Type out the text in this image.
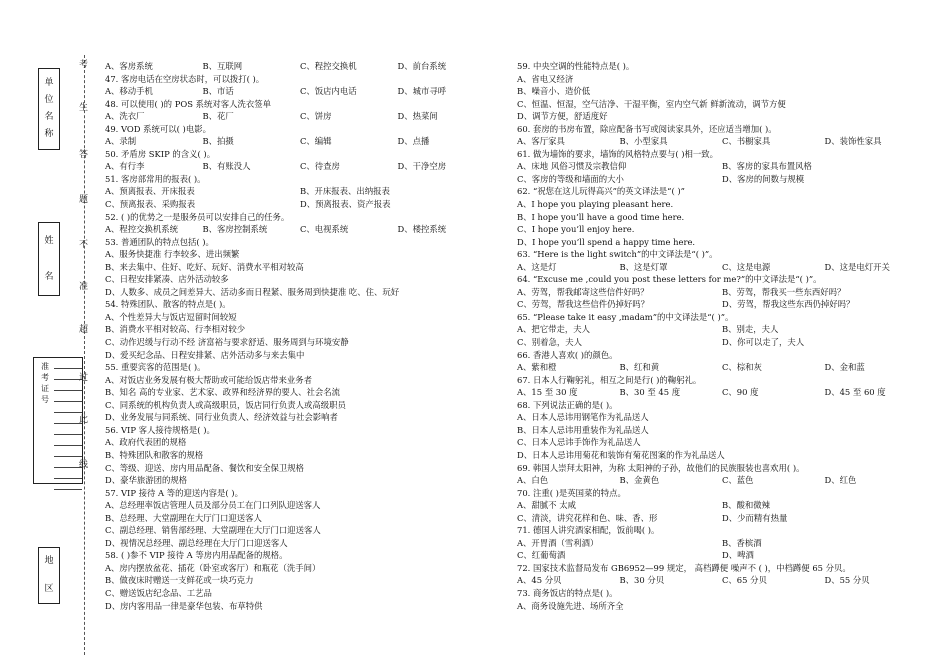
单
位
名
称
姓
名
准考证号
地
区
考
生
答
题
不
准
超
过
此
线
A、客房系统	B、互联网	C、程控交换机	D、前台系统
47. 客房电话在空房状态时，可以拨打( )。
A、移动手机	B、市话	C、饭店内电话	D、城市寻呼
48. 可以使用( )的 POS 系统对客人洗衣签单
A、洗衣厂	B、花厂	C、饼房	D、热菜间
49. VOD 系统可以( )电影。
A、录制	B、拍摄	C、编辑	D、点播
50. 矛盾房 SKIP 的含义( )。
A、有行李	B、有账没人	C、待查房	D、干净空房
51. 客房部常用的报表( )。
A、预离报表、开床报表	B、开床报表、出纳报表
C、预离报表、采购报表	D、预离报表、资产报表
52. ( )的优势之一是服务员可以安排自己的任务。
A、程控交换机系统	B、客房控制系统	C、电视系统	D、楼控系统
53. 普通团队的特点包括( )。
A、服务快捷准 行李较多、进出频繁
B、来去集中、住好、吃好、玩好、消费水平相对较高
C、日程安排紧凑、店外活动较多
D、人数多、成员之间差异大、活动多而日程紧、服务周到快捷准 吃、住、玩好
54. 特殊团队、散客的特点是( )。
A、个性差异大与饭店逗留时间较短
B、消费水平相对较高、行李相对较少
C、动作迟缓与行动不经 济富裕与要求舒适、服务周到与环境安静
D、爱买纪念品、日程安排紧、店外活动多与来去集中
55. 重要宾客的范围是( )。
A、对饭店业务发展有极大帮助或可能给饭店带来业务者
B、知名 高的专业家、艺术家、政界和经济界的要人、社会名流
C、同系统的机构负责人或高级职员，饭店同行负责人或高级职员
D、业务发展与同系统、同行业负责人、经济效益与社会影响者
56. VIP 客人接待规格是( )。
A、政府代表团的规格
B、特殊团队和散客的规格
C、等级、迎送、房内用品配备、餐饮和安全保卫规格
D、豪华旅游团的规格
57. VIP 接待 A 等的迎送内容是( )。
A、总经理率饭店管理人员及部分员工在门口列队迎送客人
B、总经理、大堂副理在大厅门口迎送客人
C、副总经理、销售部经理、大堂副理在大厅门口迎送客人
D、视情况总经理、副总经理在大厅门口迎送客人
58. ( )参不 VIP 接待 A 等房内用品配备的规格。
A、房内摆放盆花、插花（卧室或客厅）和瓶花（洗手间）
B、做夜床时赠送一支鲜花或一块巧克力
C、赠送饭店纪念品、工艺品
D、房内客用品一律是豪华包装、布草特供
59. 中央空调的性能特点是( )。
A、省电又经济
B、噪音小、造价低
C、恒温、恒湿，空气洁净、干湿平衡，室内空气新 鲜新流动，调节方便
D、调节方便，舒适度好
60. 套房的书房布置，除应配备书写或阅读家具外，还应适当增加( )。
A、客厅家具	B、小型家具	C、书橱家具	D、装饰性家具
61. 做为墙饰的要求，墙饰的风格特点要与( )相一致。
A、床地 风俗习惯及宗教信仰	B、客房的家具布置风格
C、客房的等级和墙面的大小	D、客房的间数与规模
62. “祝您在这儿玩得高兴”的英文译法是“( )”
A、I hope you playing pleasant here.
B、I hope you’ll have a good time here.
C、I hope you’ll enjoy here.
D、I hope you’ll spend a happy time here.
63. “Here is the light switch”的中文译法是“( )”。
A、这是灯	B、这是灯罩	C、这是电源	D、这是电灯开关
64. “Excuse me ,could you post these letters for me?”的中文译法是“( )”。
A、劳驾，帮我邮寄这些信件好吗？	B、劳驾，帮我买一些东西好吗？
C、劳驾，帮我这些信件仍掉好吗？	D、劳驾，帮我这些东西仍掉好吗？
65. “Please take it easy ,madam”的中文译法是“( )”。
A、把它带走，夫人	B、别走，夫人
C、别着急，夫人	D、你可以走了，夫人
66. 香港人喜欢( )的颜色。
A、紫和橙	B、红和黄	C、棕和灰	D、金和蓝
67. 日本人行鞠躬礼，相互之间是行( )的鞠躬礼。
A、15 至 30 度	B、30 至 45 度	C、90 度	D、45 至 60 度
68. 下列说法正确的是( )。
A、日本人忌讳用钢笔作为礼品送人
B、日本人忌讳用重装作为礼品送人
C、日本人忌讳手饰作为礼品送人
D、日本人忌讳用菊花和装饰有菊花图案的作为礼品送人
69. 韩国人崇拜太阳神，为称 太阳神的子孙，故他们的民族服装也喜欢用( )。
A、白色	B、金黄色	C、蓝色	D、红色
70. 注重( )是英国菜的特点。
A、甜腻不 太咸	B、酸和微辣
C、清淡，讲究花样和色、味、香、形	D、少而精有热量
71. 德国人讲究酒家相配，饭前喝( )。
A、开胃酒（雪利酒）	B、香槟酒
C、红葡萄酒	D、啤酒
72. 国家技术监督局发布 GB6952—99 规定， 高档蹲便 噪声不 ( )，中档蹲便 65 分贝。
A、45 分贝	B、30 分贝	C、65 分贝	D、55 分贝
73. 商务饭店的特点是( )。
A、商务设施先进、场所齐全
